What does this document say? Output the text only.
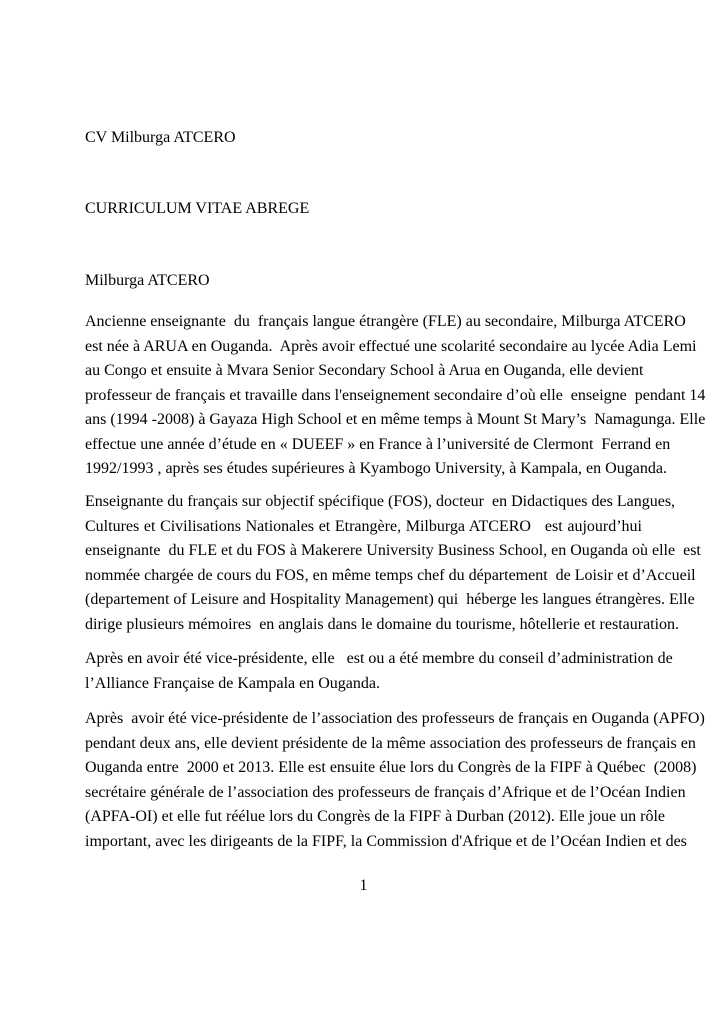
CV Milburga ATCERO
CURRICULUM VITAE ABREGE
Milburga ATCERO
Ancienne enseignante  du  français langue étrangère (FLE) au secondaire, Milburga ATCERO
est née à ARUA en Ouganda.  Après avoir effectué une scolarité secondaire au lycée Adia Lemi
au Congo et ensuite à Mvara Senior Secondary School à Arua en Ouganda, elle devient
professeur de français et travaille dans l'enseignement secondaire d’où elle  enseigne  pendant 14
ans (1994 -2008) à Gayaza High School et en même temps à Mount St Mary’s  Namagunga. Elle
effectue une année d’étude en « DUEEF » en France à l’université de Clermont  Ferrand en
1992/1993 , après ses études supérieures à Kyambogo University, à Kampala, en Ouganda.
Enseignante du français sur objectif spécifique (FOS), docteur  en Didactiques des Langues,
Cultures et Civilisations Nationales et Etrangère, Milburga ATCERO   est aujourd’hui
enseignante  du FLE et du FOS à Makerere University Business School, en Ouganda où elle  est
nommée chargée de cours du FOS, en même temps chef du département  de Loisir et d’Accueil
(departement of Leisure and Hospitality Management) qui  héberge les langues étrangères. Elle
dirige plusieurs mémoires  en anglais dans le domaine du tourisme, hôtellerie et restauration.
Après en avoir été vice-présidente, elle   est ou a été membre du conseil d’administration de
l’Alliance Française de Kampala en Ouganda.
Après  avoir été vice-présidente de l’association des professeurs de français en Ouganda (APFO)
pendant deux ans, elle devient présidente de la même association des professeurs de français en
Ouganda entre  2000 et 2013. Elle est ensuite élue lors du Congrès de la FIPF à Québec  (2008)
secrétaire générale de l’association des professeurs de français d’Afrique et de l’Océan Indien
(APFA-OI) et elle fut réélue lors du Congrès de la FIPF à Durban (2012). Elle joue un rôle
important, avec les dirigeants de la FIPF, la Commission d'Afrique et de l’Océan Indien et des
1
